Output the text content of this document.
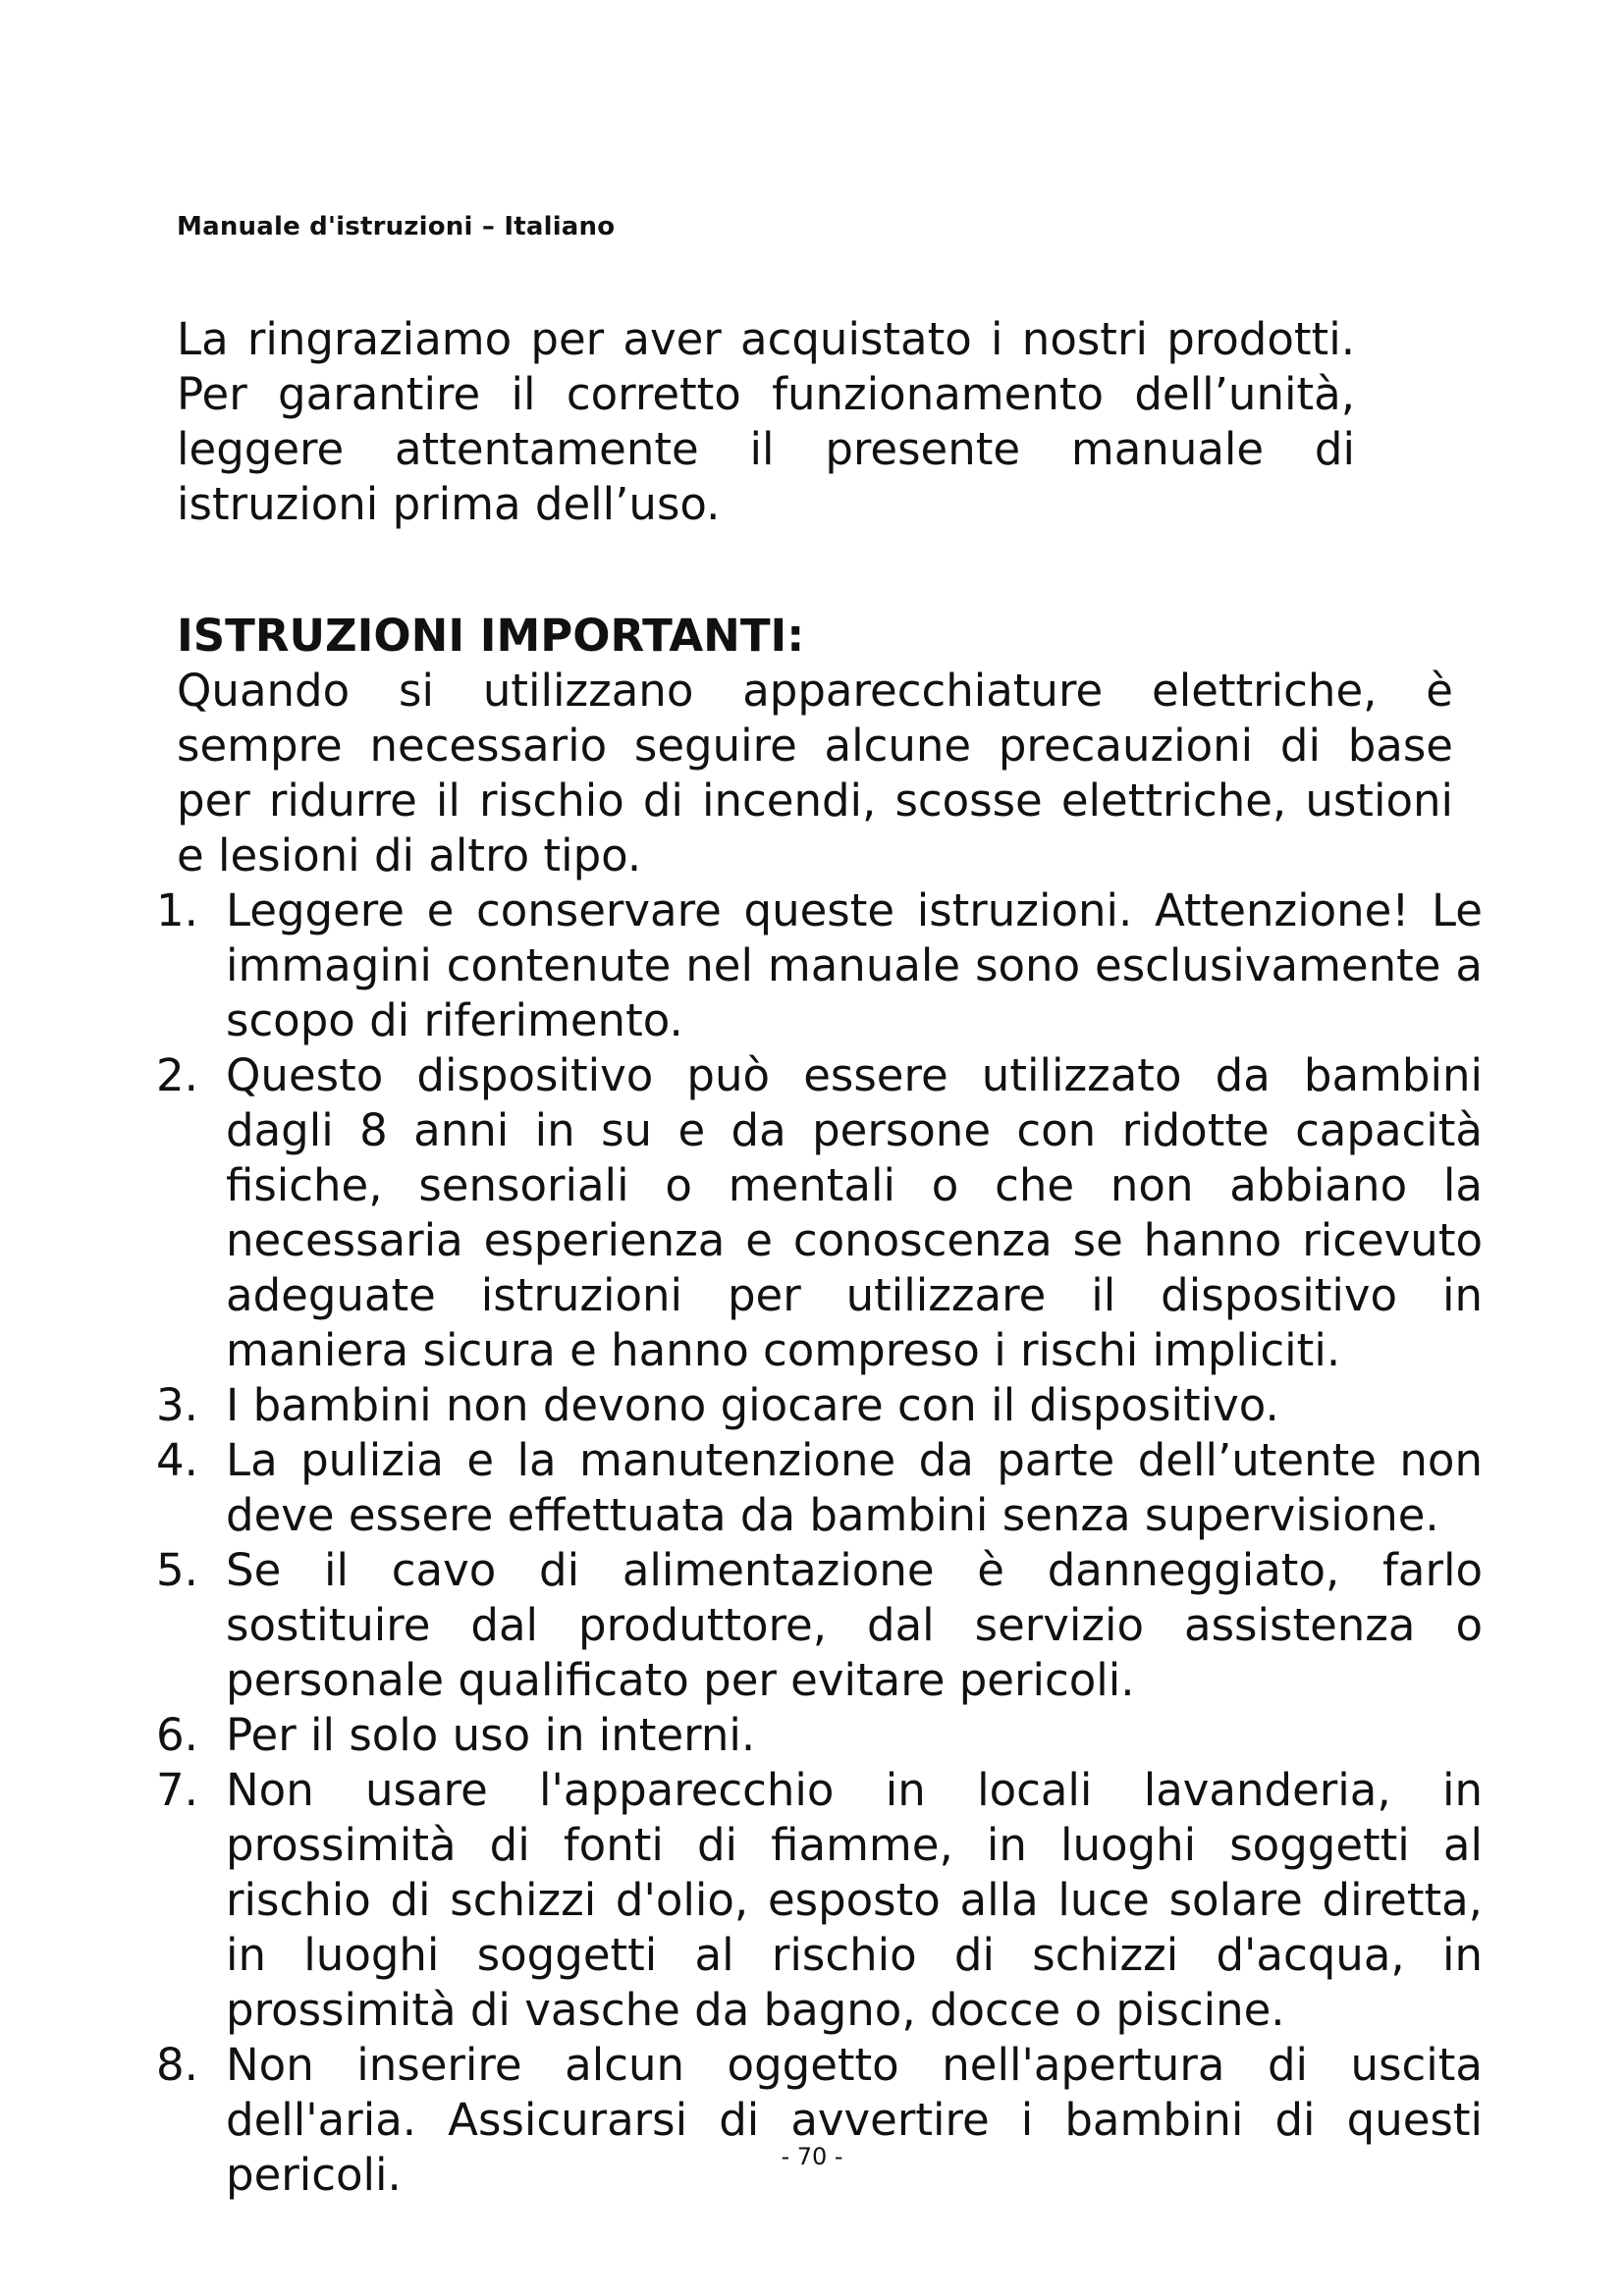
Manuale d'istruzioni – Italiano

La ringraziamo per aver acquistato i nostri prodotti. Per garantire il corretto funzionamento dell’unità, leggere attentamente il presente manuale di istruzioni prima dell’uso.

ISTRUZIONI IMPORTANTI:

Quando si utilizzano apparecchiature elettriche, è sempre necessario seguire alcune precauzioni di base per ridurre il rischio di incendi, scosse elettriche, ustioni e lesioni di altro tipo.

1. Leggere e conservare queste istruzioni. Attenzione! Le immagini contenute nel manuale sono esclusivamente a scopo di riferimento.
2. Questo dispositivo può essere utilizzato da bambini dagli 8 anni in su e da persone con ridotte capacità fisiche, sensoriali o mentali o che non abbiano la necessaria esperienza e conoscenza se hanno ricevuto adeguate istruzioni per utilizzare il dispositivo in maniera sicura e hanno compreso i rischi impliciti.
3. I bambini non devono giocare con il dispositivo.
4. La pulizia e la manutenzione da parte dell’utente non deve essere effettuata da bambini senza supervisione.
5. Se il cavo di alimentazione è danneggiato, farlo sostituire dal produttore, dal servizio assistenza o personale qualificato per evitare pericoli.
6. Per il solo uso in interni.
7. Non usare l'apparecchio in locali lavanderia, in prossimità di fonti di fiamme, in luoghi soggetti al rischio di schizzi d'olio, esposto alla luce solare diretta, in luoghi soggetti al rischio di schizzi d'acqua, in prossimità di vasche da bagno, docce o piscine.
8. Non inserire alcun oggetto nell'apertura di uscita dell'aria. Assicurarsi di avvertire i bambini di questi pericoli.	- 70 -
